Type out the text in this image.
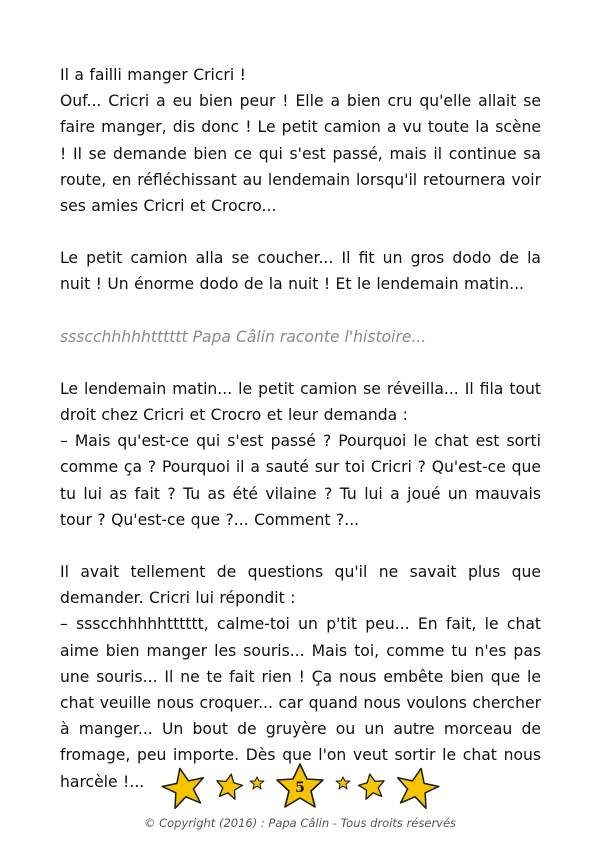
Il a failli manger Cricri !

Ouf... Cricri a eu bien peur ! Elle a bien cru qu'elle allait se faire manger, dis donc ! Le petit camion a vu toute la scène ! Il se demande bien ce qui s'est passé, mais il continue sa route, en réfléchissant au lendemain lorsqu'il retournera voir ses amies Cricri et Crocro...

Le petit camion alla se coucher... Il fit un gros dodo de la nuit ! Un énorme dodo de la nuit ! Et le lendemain matin...

ssscchhhhhtttttt Papa Câlin raconte l'histoire...

Le lendemain matin... le petit camion se réveilla... Il fila tout droit chez Cricri et Crocro et leur demanda :

– Mais qu'est-ce qui s'est passé ? Pourquoi le chat est sorti comme ça ? Pourquoi il a sauté sur toi Cricri ? Qu'est-ce que tu lui as fait ? Tu as été vilaine ? Tu lui a joué un mauvais tour ? Qu'est-ce que ?... Comment ?...

Il avait tellement de questions qu'il ne savait plus que demander. Cricri lui répondit :

– ssscchhhhhtttttt, calme-toi un p'tit peu... En fait, le chat aime bien manger les souris... Mais toi, comme tu n'es pas une souris... Il ne te fait rien ! Ça nous embête bien que le chat veuille nous croquer... car quand nous voulons chercher à manger... Un bout de gruyère ou un autre morceau de fromage, peu importe. Dès que l'on veut sortir le chat nous harcèle !...	5
© Copyright (2016) : Papa Câlin - Tous droits réservés
